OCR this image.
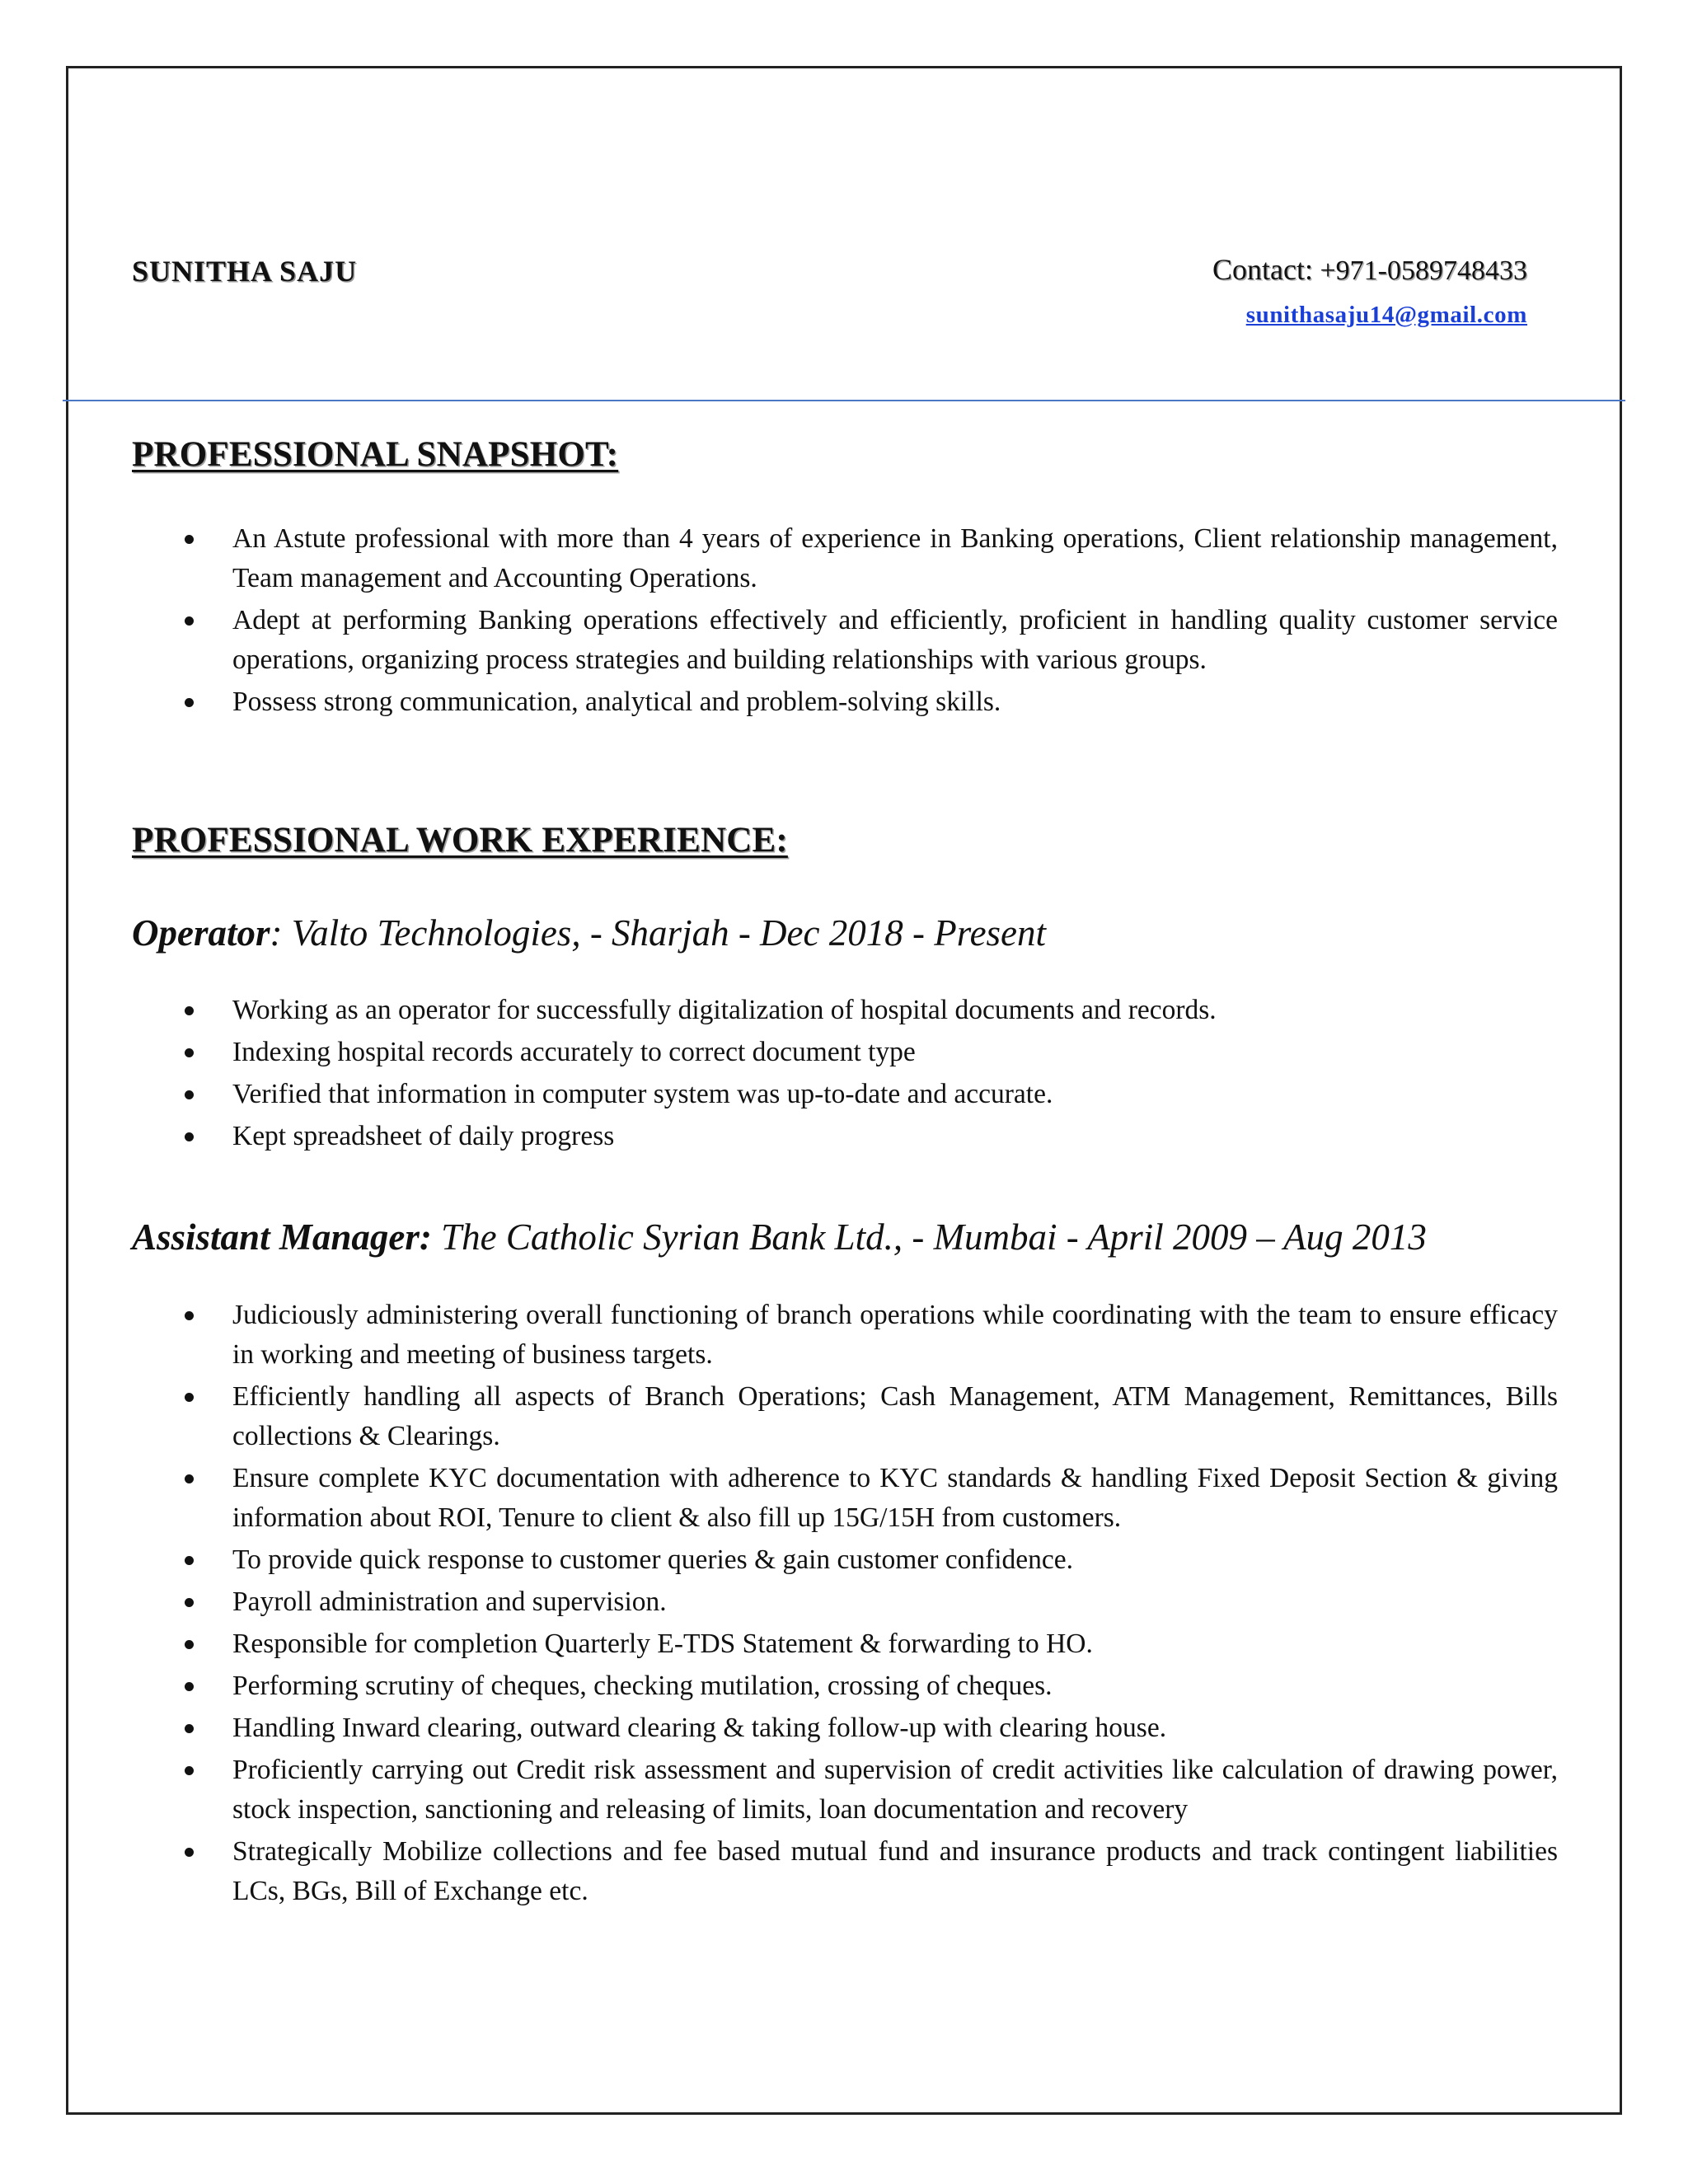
SUNITHA SAJU	Contact: +971-0589748433
sunithasaju14@gmail.com
PROFESSIONAL SNAPSHOT:
An Astute professional with more than 4 years of experience in Banking operations, Client relationship management, Team management and Accounting Operations.
Adept at performing Banking operations effectively and efficiently, proficient in handling quality customer service operations, organizing process strategies and building relationships with various groups.
Possess strong communication, analytical and problem-solving skills.
PROFESSIONAL WORK EXPERIENCE:
Operator: Valto Technologies, - Sharjah - Dec 2018 - Present
Working as an operator for successfully digitalization of hospital documents and records.
Indexing hospital records accurately to correct document type
Verified that information in computer system was up-to-date and accurate.
Kept spreadsheet of daily progress
Assistant Manager: The Catholic Syrian Bank Ltd., - Mumbai - April 2009 – Aug 2013
Judiciously administering overall functioning of branch operations while coordinating with the team to ensure efficacy in working and meeting of business targets.
Efficiently handling all aspects of Branch Operations; Cash Management, ATM Management, Remittances, Bills collections & Clearings.
Ensure complete KYC documentation with adherence to KYC standards & handling Fixed Deposit Section & giving information about ROI, Tenure to client & also fill up 15G/15H from customers.
To provide quick response to customer queries & gain customer confidence.
Payroll administration and supervision.
Responsible for completion Quarterly E-TDS Statement & forwarding to HO.
Performing scrutiny of cheques, checking mutilation, crossing of cheques.
Handling Inward clearing, outward clearing & taking follow-up with clearing house.
Proficiently carrying out Credit risk assessment and supervision of credit activities like calculation of drawing power, stock inspection, sanctioning and releasing of limits, loan documentation and recovery
Strategically Mobilize collections and fee based mutual fund and insurance products and track contingent liabilities LCs, BGs, Bill of Exchange etc.
